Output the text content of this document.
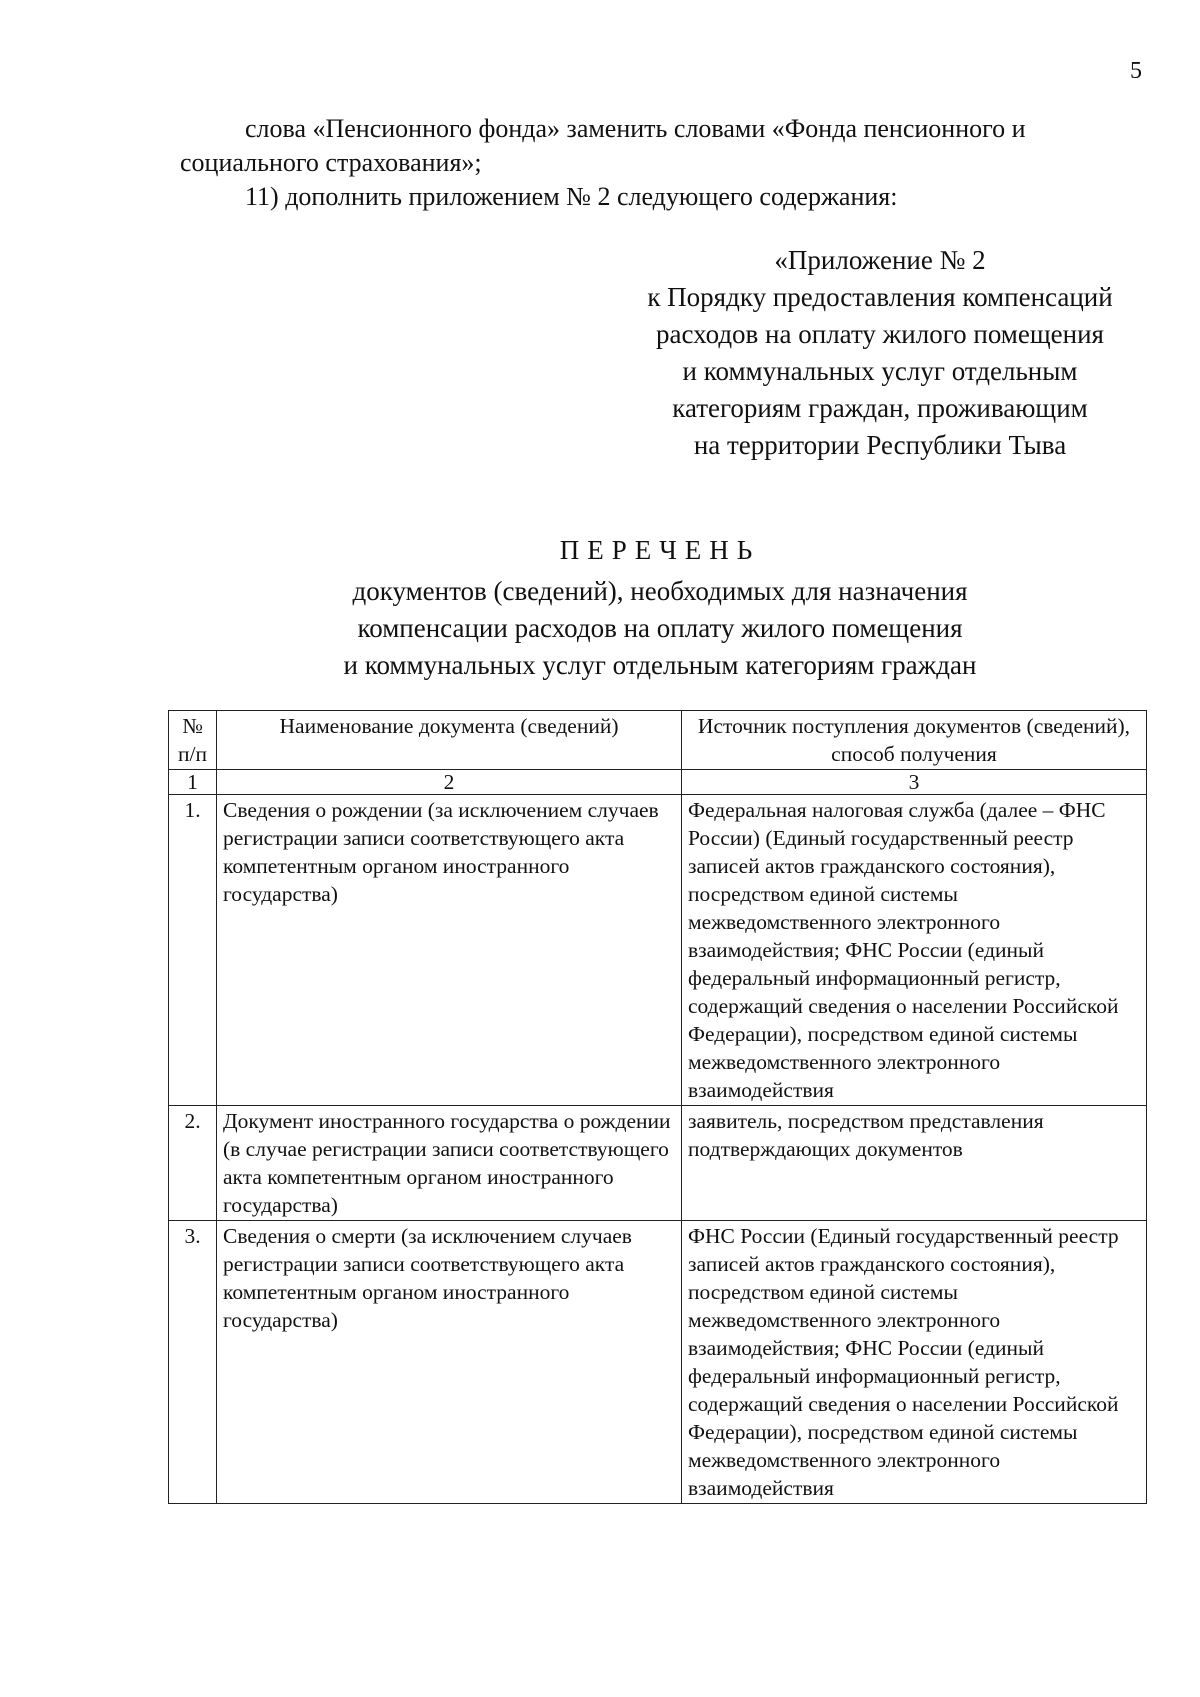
5
слова «Пенсионного фонда» заменить словами «Фонда пенсионного и социального страхования»;
11) дополнить приложением № 2 следующего содержания:
«Приложение № 2
к Порядку предоставления компенсаций
расходов на оплату жилого помещения
и коммунальных услуг отдельным
категориям граждан, проживающим
на территории Республики Тыва
ПЕРЕЧЕНЬ
документов (сведений), необходимых для назначения
компенсации расходов на оплату жилого помещения
и коммунальных услуг отдельным категориям граждан
№ п/п	Наименование документа (сведений)	Источник поступления документов (сведений), способ получения
1	2	3
1.	Сведения о рождении (за исключением случаев регистрации записи соответствующего акта компетентным органом иностранного государства)	Федеральная налоговая служба (далее – ФНС России) (Единый государственный реестр записей актов гражданского состояния), посредством единой системы межведомственного электронного взаимодействия; ФНС России (единый федеральный информационный регистр, содержащий сведения о населении Российской Федерации), посредством единой системы межведомственного электронного взаимодействия
2.	Документ иностранного государства о рождении (в случае регистрации записи соответствующего акта компетентным органом иностранного государства)	заявитель, посредством представления подтверждающих документов
3.	Сведения о смерти (за исключением случаев регистрации записи соответствующего акта компетентным органом иностранного государства)	ФНС России (Единый государственный реестр записей актов гражданского состояния), посредством единой системы межведомственного электронного взаимодействия; ФНС России (единый федеральный информационный регистр, содержащий сведения о населении Российской Федерации), посредством единой системы межведомственного электронного взаимодействия
